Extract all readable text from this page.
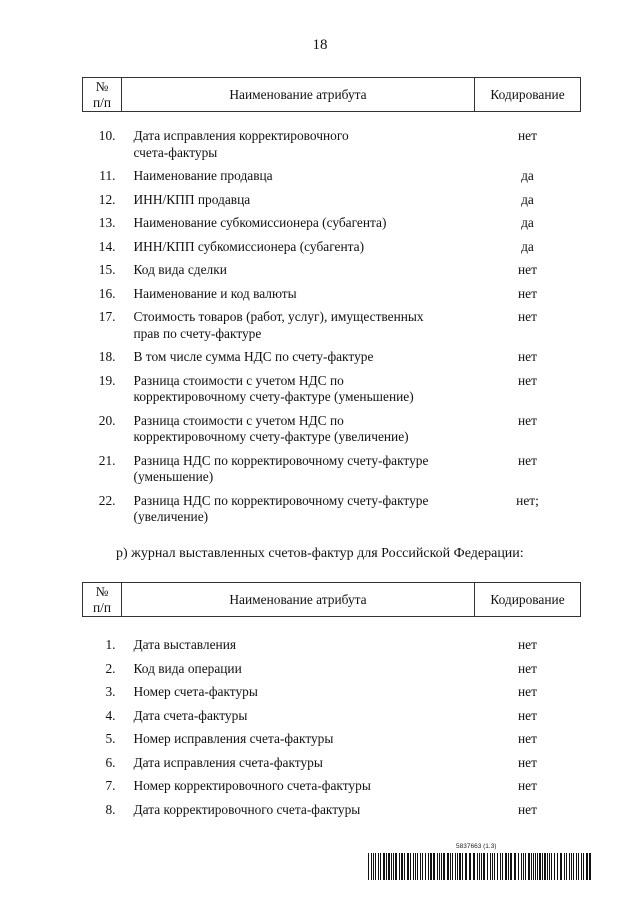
18
№
п/п	Наименование атрибута	Кодирование
10.	Дата исправления корректировочного
счета-фактуры	нет
11.	Наименование продавца	да
12.	ИНН/КПП продавца	да
13.	Наименование субкомиссионера (субагента)	да
14.	ИНН/КПП субкомиссионера (субагента)	да
15.	Код вида сделки	нет
16.	Наименование и код валюты	нет
17.	Стоимость товаров (работ, услуг), имущественных
прав по счету-фактуре	нет
18.	В том числе сумма НДС по счету-фактуре	нет
19.	Разница стоимости с учетом НДС по
корректировочному счету-фактуре (уменьшение)	нет
20.	Разница стоимости с учетом НДС по
корректировочному счету-фактуре (увеличение)	нет
21.	Разница НДС по корректировочному счету-фактуре
(уменьшение)	нет
22.	Разница НДС по корректировочному счету-фактуре
(увеличение)	нет;
р) журнал выставленных счетов-фактур для Российской Федерации:
№
п/п	Наименование атрибута	Кодирование
1.	Дата выставления	нет
2.	Код вида операции	нет
3.	Номер счета-фактуры	нет
4.	Дата счета-фактуры	нет
5.	Номер исправления счета-фактуры	нет
6.	Дата исправления счета-фактуры	нет
7.	Номер корректировочного счета-фактуры	нет
8.	Дата корректировочного счета-фактуры	нет
5837663 (1.3)
